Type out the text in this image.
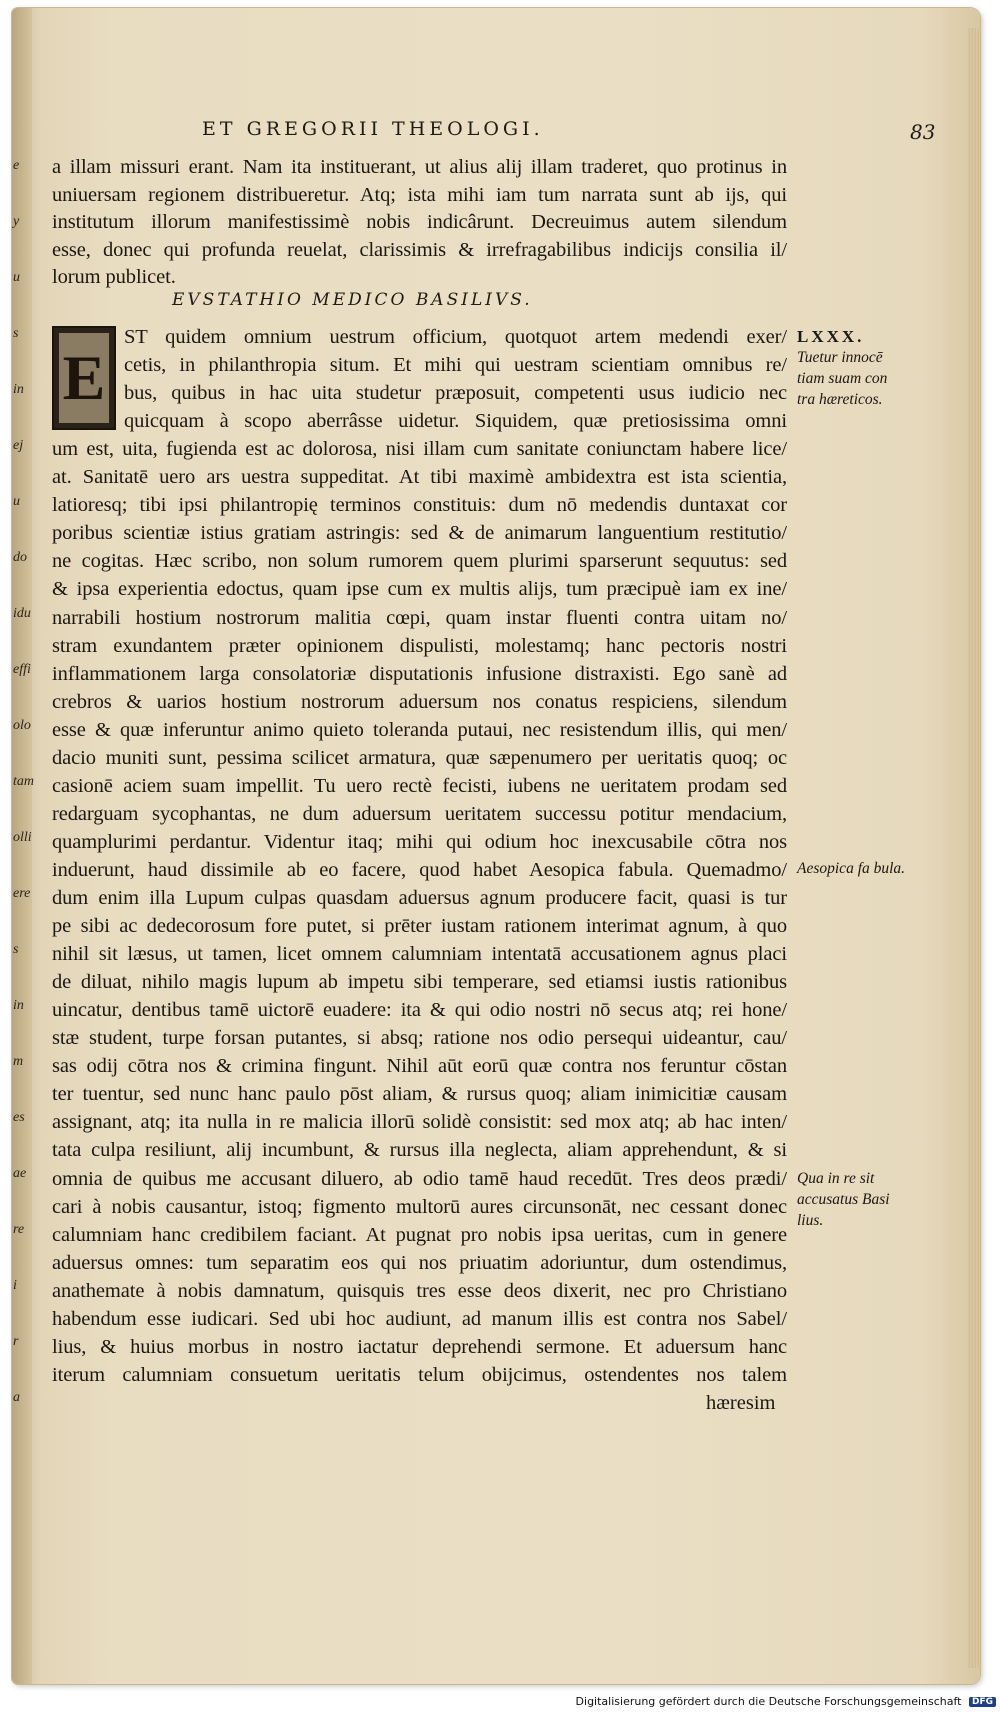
e
y
u
s
in
ej
u
do
idu
effi
olo
tam
olli
ere
s
in
m
es
ae
re
i
r
a
ET GREGORII THEOLOGI.	83
a illam missuri erant. Nam ita instituerant, ut alius alij illam traderet, quo protinus in
uniuersam regionem distribueretur. Atq; ista mihi iam tum narrata sunt ab ijs, qui
institutum illorum manifestissimè nobis indicârunt. Decreuimus autem silendum
esse, donec qui profunda reuelat, clarissimis & irrefragabilibus indicijs consilia il/
lorum publicet.
EVSTATHIO MEDICO BASILIVS.
E
ST quidem omnium uestrum officium, quotquot artem medendi exer/
cetis, in philanthropia situm. Et mihi qui uestram scientiam omnibus re/
bus, quibus in hac uita studetur præposuit, competenti usus iudicio nec
quicquam à scopo aberrâsse uidetur. Siquidem, quæ pretiosissima omni
um est, uita, fugienda est ac dolorosa, nisi illam cum sanitate coniunctam habere lice/
at. Sanitatē uero ars uestra suppeditat. At tibi maximè ambidextra est ista scientia,
latioresq; tibi ipsi philantropię terminos constituis: dum nō medendis duntaxat cor
poribus scientiæ istius gratiam astringis: sed & de animarum languentium restitutio/
ne cogitas. Hæc scribo, non solum rumorem quem plurimi sparserunt sequutus: sed
& ipsa experientia edoctus, quam ipse cum ex multis alijs, tum præcipuè iam ex ine/
narrabili hostium nostrorum malitia cœpi, quam instar fluenti contra uitam no/
stram exundantem præter opinionem dispulisti, molestamq; hanc pectoris nostri
inflammationem larga consolatoriæ disputationis infusione distraxisti. Ego sanè ad
crebros & uarios hostium nostrorum aduersum nos conatus respiciens, silendum
esse & quæ inferuntur animo quieto toleranda putaui, nec resistendum illis, qui men/
dacio muniti sunt, pessima scilicet armatura, quæ sæpenumero per ueritatis quoq; oc
casionē aciem suam impellit. Tu uero rectè fecisti, iubens ne ueritatem prodam sed
redarguam sycophantas, ne dum aduersum ueritatem successu potitur mendacium,
quamplurimi perdantur. Videntur itaq; mihi qui odium hoc inexcusabile cōtra nos
induerunt, haud dissimile ab eo facere, quod habet Aesopica fabula. Quemadmo/
dum enim illa Lupum culpas quasdam aduersus agnum producere facit, quasi is tur
pe sibi ac dedecorosum fore putet, si prēter iustam rationem interimat agnum, à quo
nihil sit læsus, ut tamen, licet omnem calumniam intentatā accusationem agnus placi
de diluat, nihilo magis lupum ab impetu sibi temperare, sed etiamsi iustis rationibus
uincatur, dentibus tamē uictorē euadere: ita & qui odio nostri nō secus atq; rei hone/
stæ student, turpe forsan putantes, si absq; ratione nos odio persequi uideantur, cau/
sas odij cōtra nos & crimina fingunt. Nihil aūt eorū quæ contra nos feruntur cōstan
ter tuentur, sed nunc hanc paulo pōst aliam, & rursus quoq; aliam inimicitiæ causam
assignant, atq; ita nulla in re malicia illorū solidè consistit: sed mox atq; ab hac inten/
tata culpa resiliunt, alij incumbunt, & rursus illa neglecta, aliam apprehendunt, & si
omnia de quibus me accusant diluero, ab odio tamē haud recedūt. Tres deos prædi/
cari à nobis causantur, istoq; figmento multorū aures circunsonāt, nec cessant donec
calumniam hanc credibilem faciant. At pugnat pro nobis ipsa ueritas, cum in genere
aduersus omnes: tum separatim eos qui nos priuatim adoriuntur, dum ostendimus,
anathemate à nobis damnatum, quisquis tres esse deos dixerit, nec pro Christiano
habendum esse iudicari. Sed ubi hoc audiunt, ad manum illis est contra nos Sabel/
lius, & huius morbus in nostro iactatur deprehendi sermone. Et aduersum hanc
iterum calumniam consuetum ueritatis telum obijcimus, ostendentes nos talem
LXXX.
Tuetur innocē tiam suam con tra hæreticos.
Aesopica fa bula.
Qua in re sit accusatus Basi lius.
hæresim
Digitalisierung gefördert durch die Deutsche Forschungsgemeinschaft DFG
